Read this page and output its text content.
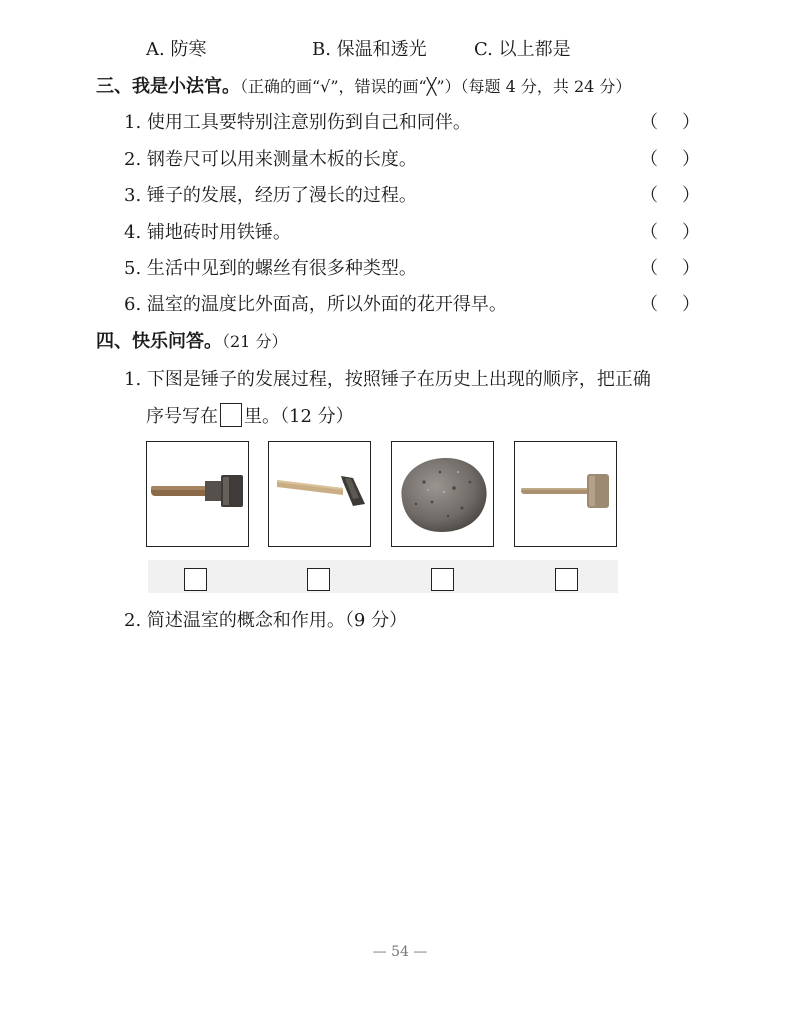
A. 防寒	B. 保温和透光	C. 以上都是
三、我是小法官。（正确的画“√”，错误的画“╳”）（每题 4 分，共 24 分）
1. 使用工具要特别注意别伤到自己和同伴。	（ ）
2. 钢卷尺可以用来测量木板的长度。	（ ）
3. 锤子的发展，经历了漫长的过程。	（ ）
4. 铺地砖时用铁锤。	（ ）
5. 生活中见到的螺丝有很多种类型。	（ ）
6. 温室的温度比外面高，所以外面的花开得早。	（ ）
四、快乐问答。（21 分）
1. 下图是锤子的发展过程，按照锤子在历史上出现的顺序，把正确
序号写在 里。（12 分）
2. 简述温室的概念和作用。（9 分）
— 54 —
